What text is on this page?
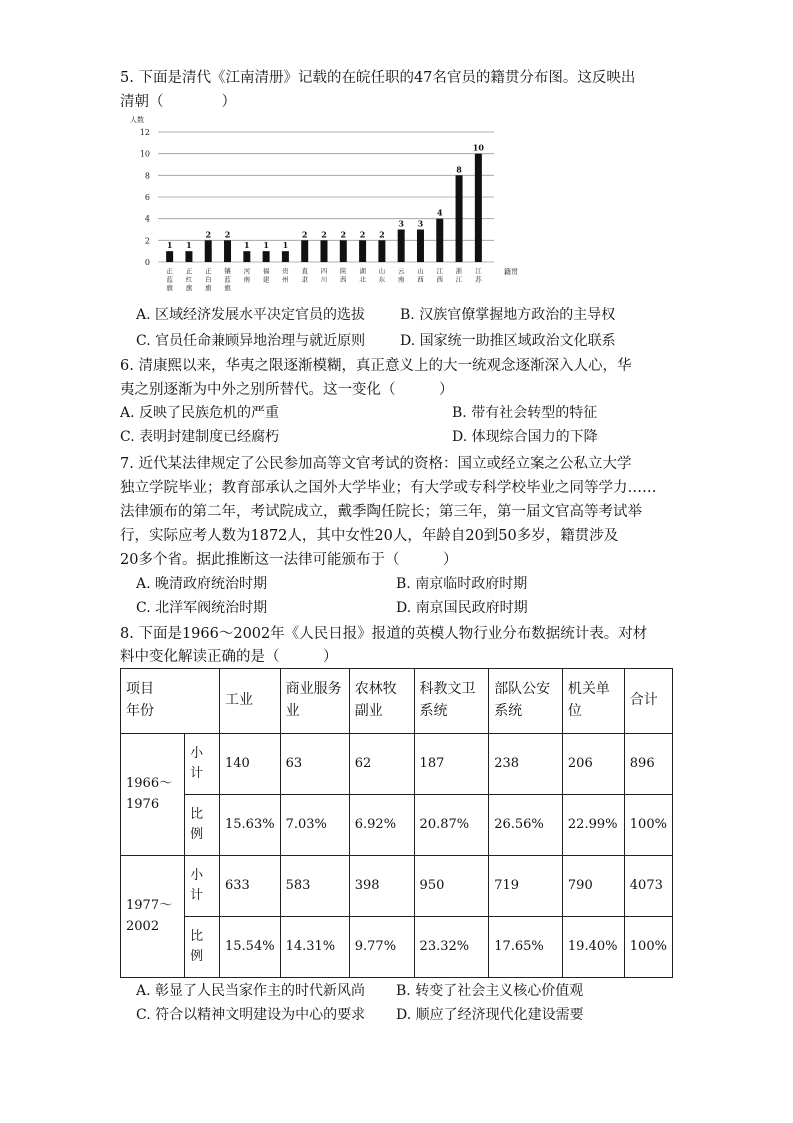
5. 下面是清代《江南清册》记载的在皖任职的47名官员的籍贯分布图。这反映出
清朝（　　　　）
0
2
4
6
8
10
12
人数
籍贯
1
正蓝旗
1
正红旗
2
正白旗
2
镶蓝旗
1
河南
1
福建
1
贵州
2
直隶
2
四川
2
陕西
2
湖北
2
山东
3
云南
3
山西
4
江西
8
浙江
10
江苏
A. 区域经济发展水平决定官员的选拔 B. 汉族官僚掌握地方政治的主导权
C. 官员任命兼顾异地治理与就近原则 D. 国家统一助推区域政治文化联系
6. 清康熙以来，华夷之限逐渐模糊，真正意义上的大一统观念逐渐深入人心，华
夷之别逐渐为中外之别所替代。这一变化（　　　）
A. 反映了民族危机的严重	B. 带有社会转型的特征
C. 表明封建制度已经腐朽	D. 体现综合国力的下降
7. 近代某法律规定了公民参加高等文官考试的资格：国立或经立案之公私立大学
独立学院毕业；教育部承认之国外大学毕业；有大学或专科学校毕业之同等学力……
法律颁布的第二年，考试院成立，戴季陶任院长；第三年，第一届文官高等考试举
行，实际应考人数为1872人，其中女性20人，年龄自20到50多岁，籍贯涉及
20多个省。据此推断这一法律可能颁布于（　　　）
A. 晚清政府统治时期	B. 南京临时政府时期
C. 北洋军阀统治时期	D. 南京国民政府时期
8. 下面是1966～2002年《人民日报》报道的英模人物行业分布数据统计表。对材
料中变化解读正确的是（　　　）
项目
年份		工业	商业服务业	农林牧副业	科教文卫系统	部队公安系统	机关单位	合计
1966～1976	小计	140	63	62	187	238	206	896
	比例	15.63%	7.03%	6.92%	20.87%	26.56%	22.99%	100%
1977～2002	小计	633	583	398	950	719	790	4073
	比例	15.54%	14.31%	9.77%	23.32%	17.65%	19.40%	100%
A. 彰显了人民当家作主的时代新风尚 B. 转变了社会主义核心价值观
C. 符合以精神文明建设为中心的要求 D. 顺应了经济现代化建设需要
